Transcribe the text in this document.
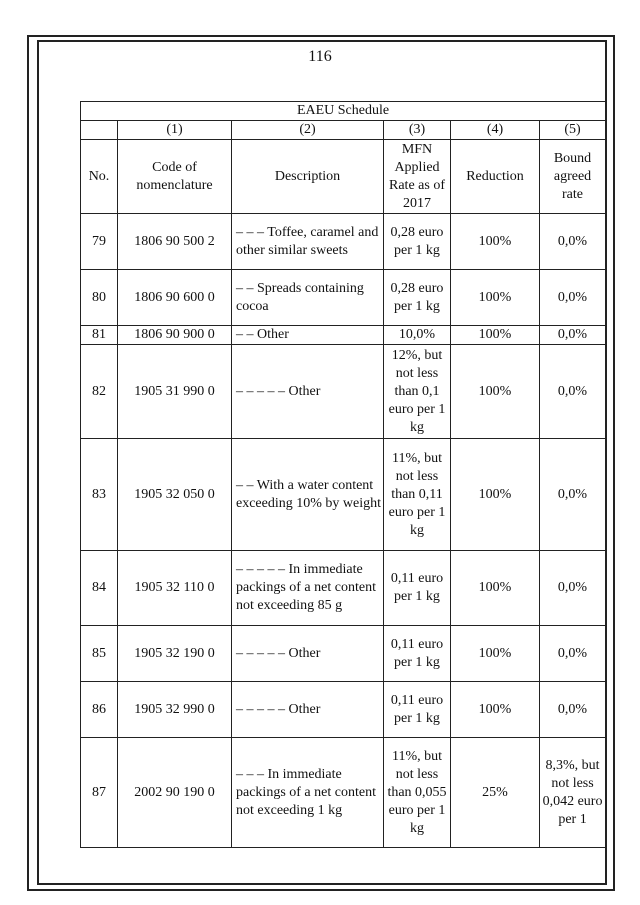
116
EAEU Schedule					
	(1)	(2)	(3)	(4)	(5)
No.	Code of nomenclature	Description	MFN Applied Rate as of 2017	Reduction	Bound agreed rate
79	1806 90 500 2	– – – Toffee, caramel and other similar sweets	0,28 euro per 1 kg	100%	0,0%
80	1806 90 600 0	– – Spreads containing cocoa	0,28 euro per 1 kg	100%	0,0%
81	1806 90 900 0	– – Other	10,0%	100%	0,0%
82	1905 31 990 0	– – – – – Other	12%, but not less than 0,1 euro per 1 kg	100%	0,0%
83	1905 32 050 0	– – With a water content exceeding 10% by weight	11%, but not less than 0,11 euro per 1 kg	100%	0,0%
84	1905 32 110 0	– – – – – In immediate packings of a net content not exceeding 85 g	0,11 euro per 1 kg	100%	0,0%
85	1905 32 190 0	– – – – – Other	0,11 euro per 1 kg	100%	0,0%
86	1905 32 990 0	– – – – – Other	0,11 euro per 1 kg	100%	0,0%
87	2002 90 190 0	– – – In immediate packings of a net content not exceeding 1 kg	11%, but not less than 0,055 euro per 1 kg	25%	8,3%, but not less 0,042 euro per 1
